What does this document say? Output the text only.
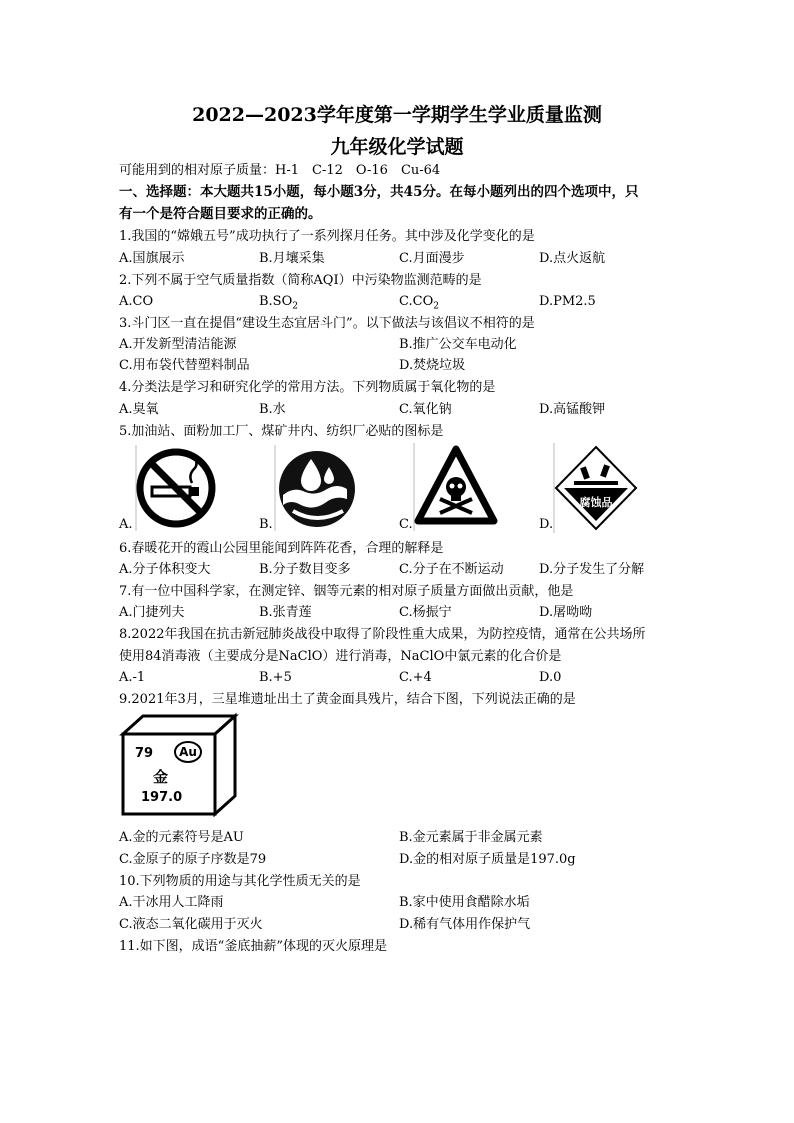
2022—2023学年度第一学期学生学业质量监测
九年级化学试题
可能用到的相对原子质量：H-1　C-12　O-16　Cu-64
一、选择题：本大题共15小题，每小题3分，共45分。在每小题列出的四个选项中，只
有一个是符合题目要求的正确的。
1.我国的“嫦娥五号”成功执行了一系列探月任务。其中涉及化学变化的是
A.国旗展示	B.月壤采集	C.月面漫步	D.点火返航
2.下列不属于空气质量指数（简称AQI）中污染物监测范畴的是
A.CO	$B.SO_2$	$C.CO_2$	D.PM2.5
3.斗门区一直在提倡“建设生态宜居斗门”。以下做法与该倡议不相符的是
A.开发新型清洁能源	B.推广公交车电动化
C.用布袋代替塑料制品	D.焚烧垃圾
4.分类法是学习和研究化学的常用方法。下列物质属于氧化物的是
A.臭氧	B.水	C.氧化钠	D.高锰酸钾
5.加油站、面粉加工厂、煤矿井内、纺织厂必贴的图标是
A.	B.	C.
腐蚀品
D.
6.春暖花开的霞山公园里能闻到阵阵花香，合理的解释是
A.分子体积变大	B.分子数目变多	C.分子在不断运动	D.分子发生了分解
7.有一位中国科学家，在测定锌、铟等元素的相对原子质量方面做出贡献，他是
A.门捷列夫	B.张青莲	C.杨振宁	D.屠呦呦
8.2022年我国在抗击新冠肺炎战役中取得了阶段性重大成果，为防控疫情，通常在公共场所
使用84消毒液（主要成分是NaClO）进行消毒，NaClO中氯元素的化合价是
A.-1	B.+5	C.+4	D.0
9.2021年3月，三星堆遗址出土了黄金面具残片，结合下图，下列说法正确的是
79 Au
金
197.0
A.金的元素符号是AU	B.金元素属于非金属元素
C.金原子的原子序数是79	D.金的相对原子质量是197.0g
10.下列物质的用途与其化学性质无关的是
A.干冰用人工降雨	B.家中使用食醋除水垢
C.液态二氧化碳用于灭火	D.稀有气体用作保护气
11.如下图，成语“釜底抽薪”体现的灭火原理是
